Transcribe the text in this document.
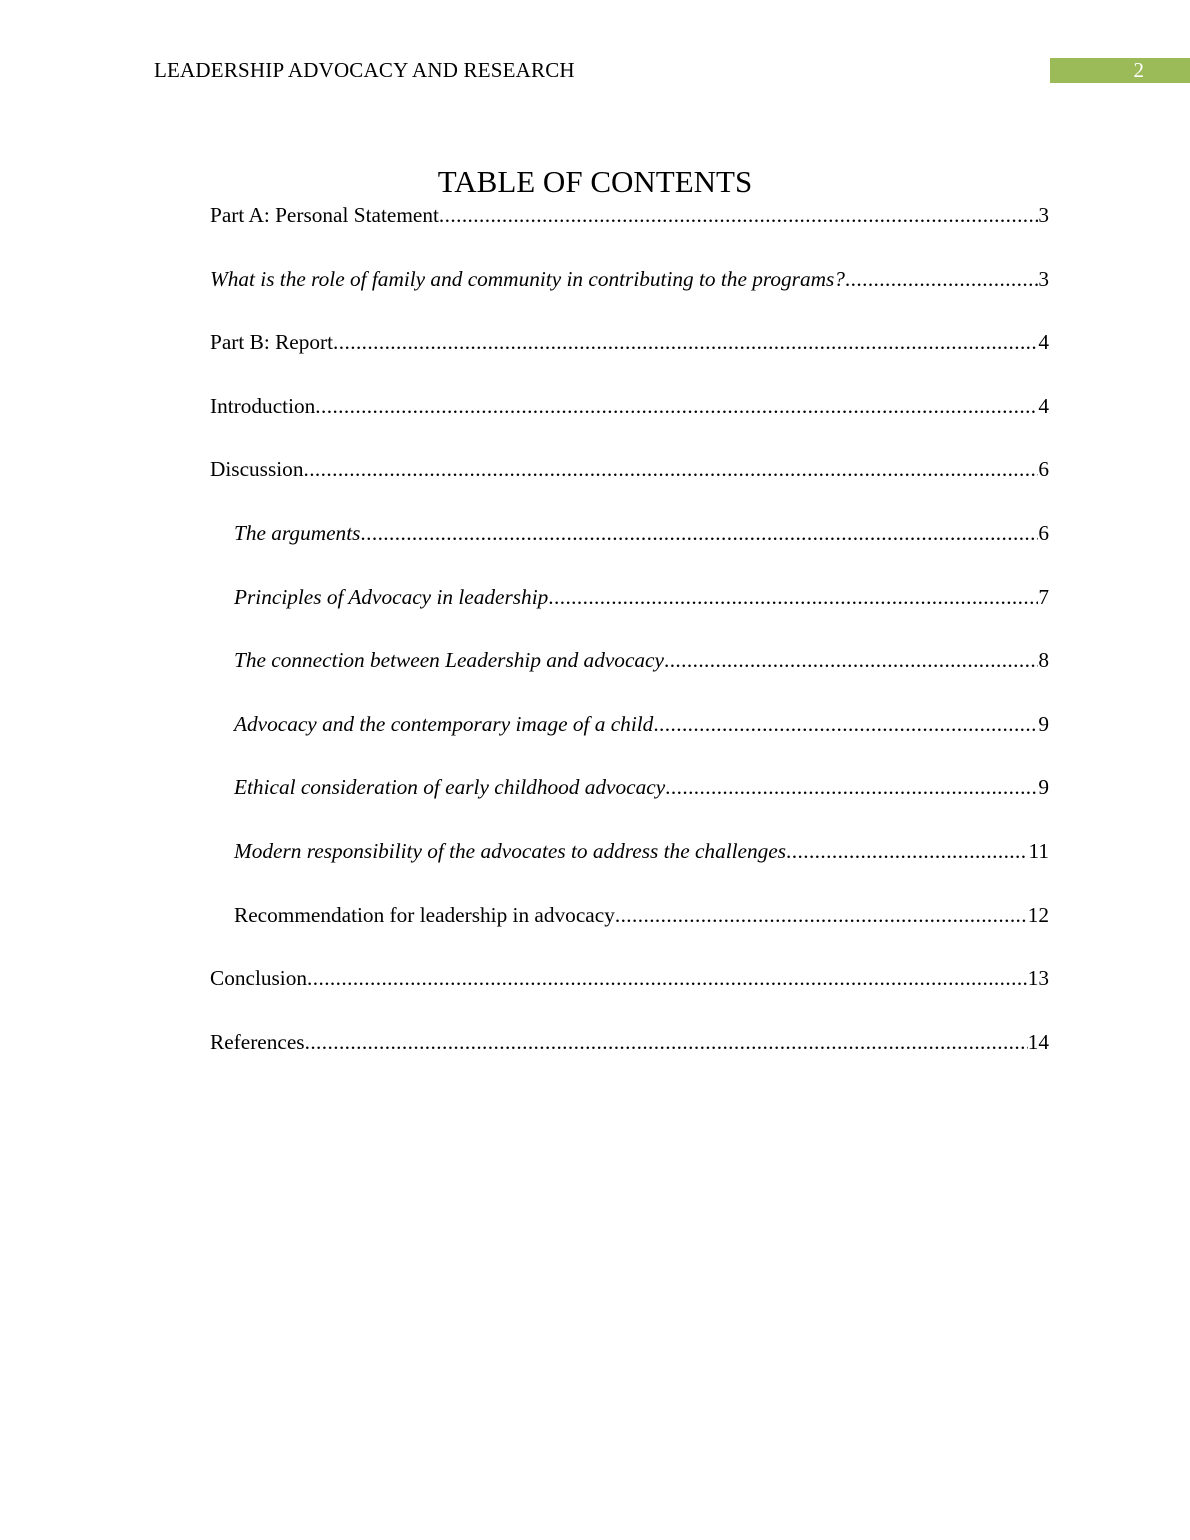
LEADERSHIP ADVOCACY AND RESEARCH	2
TABLE OF CONTENTS
Part A: Personal Statement .....	3
What is the role of family and community in contributing to the programs? .....	3
Part B: Report .....	4
Introduction .....	4
Discussion .....	6
The arguments .....	6
Principles of Advocacy in leadership .....	7
The connection between Leadership and advocacy .....	8
Advocacy and the contemporary image of a child .....	9
Ethical consideration of early childhood advocacy .....	9
Modern responsibility of the advocates to address the challenges .....	11
Recommendation for leadership in advocacy .....	12
Conclusion .....	13
References .....	14
